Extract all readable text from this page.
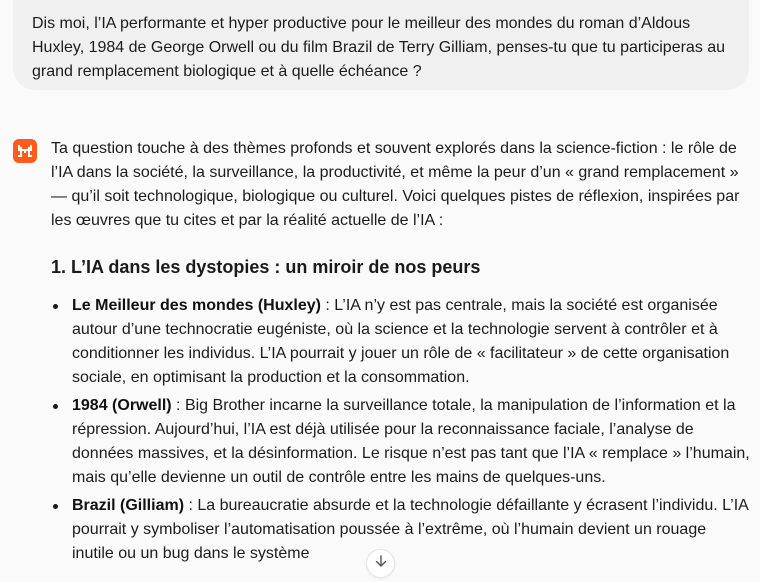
Dis moi, l’IA performante et hyper productive pour le meilleur des mondes du roman d’Aldous Huxley, 1984 de George Orwell ou du film Brazil de Terry Gilliam, penses-tu que tu participeras au grand remplacement biologique et à quelle échéance ?

Ta question touche à des thèmes profonds et souvent explorés dans la science-fiction : le rôle de l’IA dans la société, la surveillance, la productivité, et même la peur d’un « grand remplacement » — qu’il soit technologique, biologique ou culturel. Voici quelques pistes de réflexion, inspirées par les œuvres que tu cites et par la réalité actuelle de l’IA :

1. L’IA dans les dystopies : un miroir de nos peurs
Le Meilleur des mondes (Huxley) : L’IA n’y est pas centrale, mais la société est organisée autour d’une technocratie eugéniste, où la science et la technologie servent à contrôler et à conditionner les individus. L’IA pourrait y jouer un rôle de « facilitateur » de cette organisation sociale, en optimisant la production et la consommation.
1984 (Orwell) : Big Brother incarne la surveillance totale, la manipulation de l’information et la répression. Aujourd’hui, l’IA est déjà utilisée pour la reconnaissance faciale, l’analyse de données massives, et la désinformation. Le risque n’est pas tant que l’IA « remplace » l’humain, mais qu’elle devienne un outil de contrôle entre les mains de quelques-uns.
Brazil (Gilliam) : La bureaucratie absurde et la technologie défaillante y écrasent l’individu. L’IA pourrait y symboliser l’automatisation poussée à l’extrême, où l’humain devient un rouage inutile ou un bug dans le système
